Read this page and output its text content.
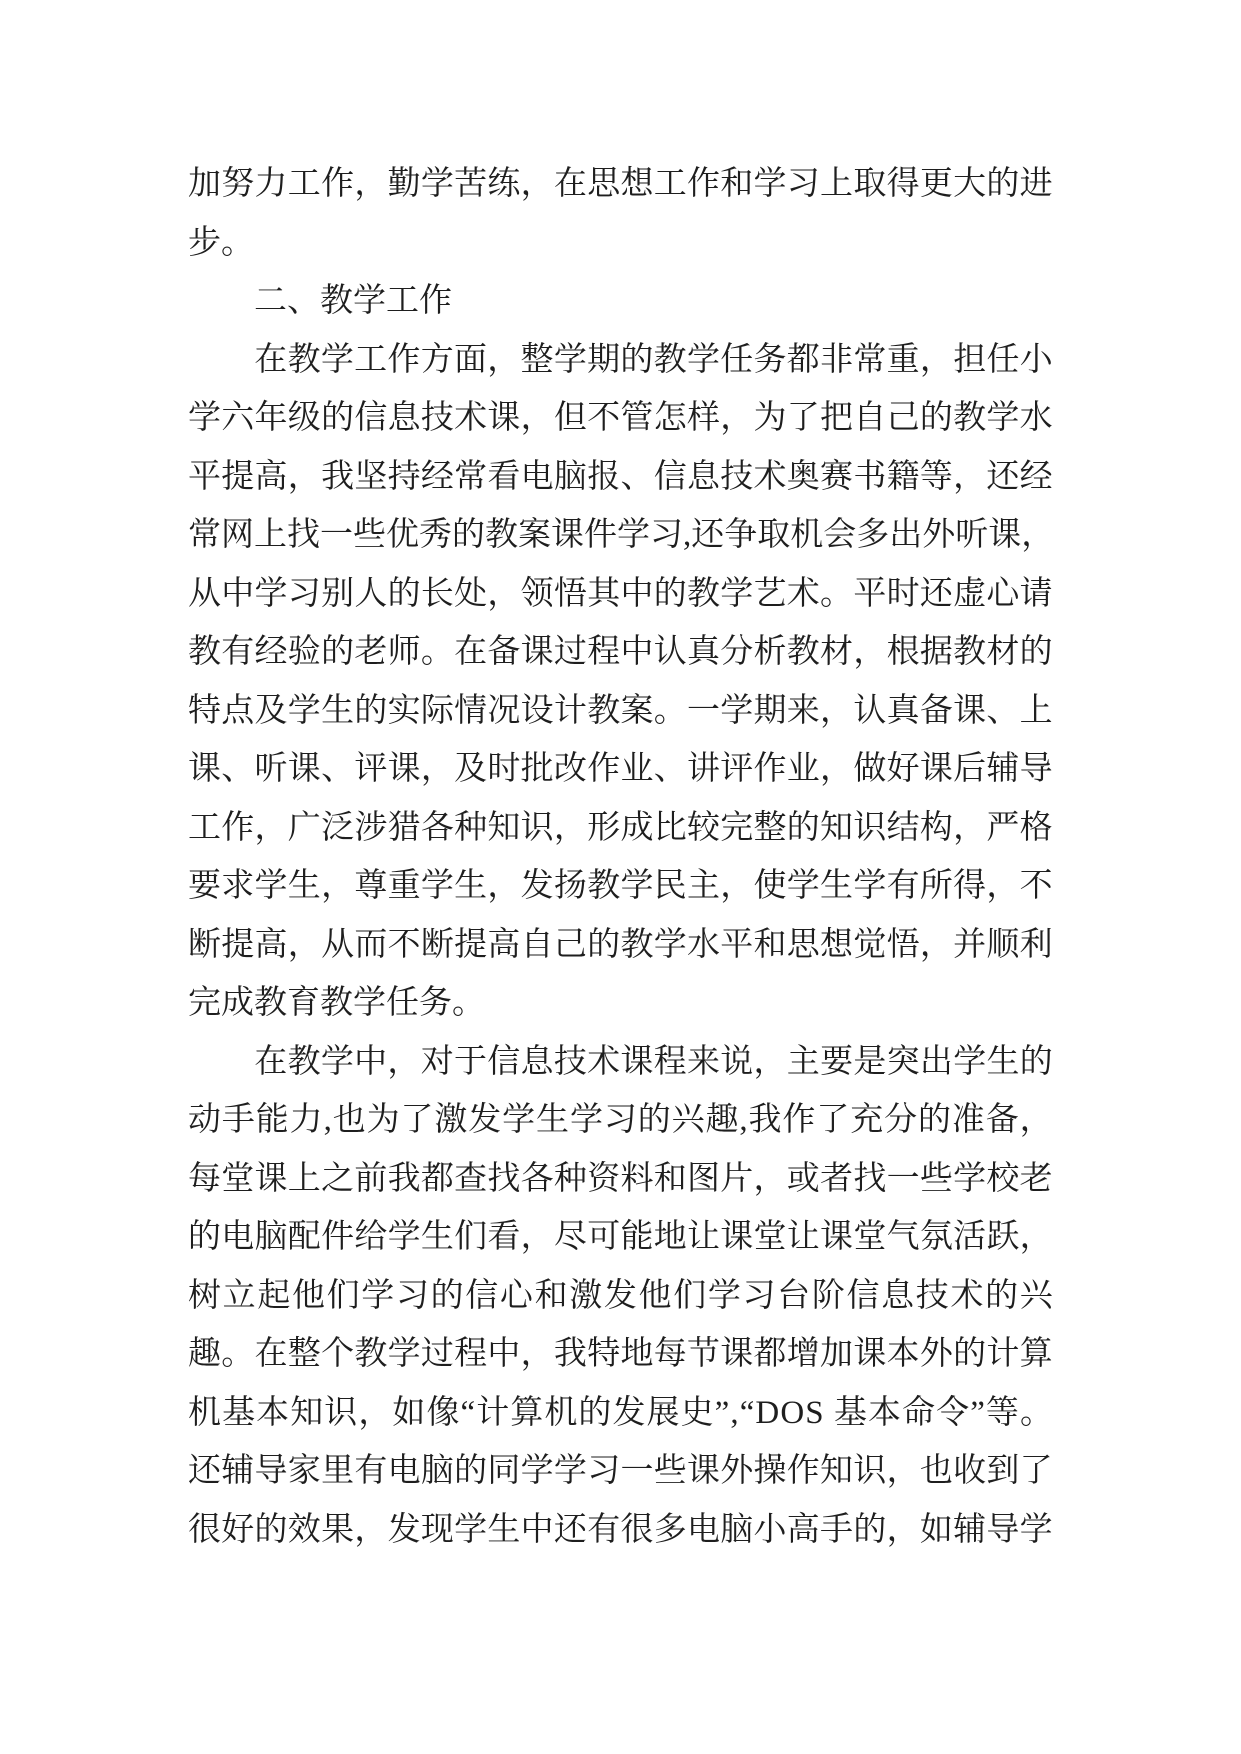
加 努 力 工 作 ， 勤 学 苦 练 ， 在 思 想 工 作 和 学 习 上 取 得 更 大 的 进
步。
二、教学工作
在 教 学 工 作 方 面 ， 整 学 期 的 教 学 任 务 都 非 常 重 ， 担 任 小
学 六 年 级 的 信 息 技 术 课 ， 但 不 管 怎 样 ， 为 了 把 自 己 的 教 学 水
平 提 高 ， 我 坚 持 经 常 看 电 脑 报 、 信 息 技 术 奥 赛 书 籍 等 ， 还 经
常 网 上 找 一 些 优 秀 的 教 案 课 件 学 习 , 还 争 取 机 会 多 出 外 听 课 ，
从 中 学 习 别 人 的 长 处 ， 领 悟 其 中 的 教 学 艺 术 。 平 时 还 虚 心 请
教 有 经 验 的 老 师 。 在 备 课 过 程 中 认 真 分 析 教 材 ， 根 据 教 材 的
特 点 及 学 生 的 实 际 情 况 设 计 教 案 。 一 学 期 来 ， 认 真 备 课 、 上
课 、 听 课 、 评 课 ， 及 时 批 改 作 业 、 讲 评 作 业 ， 做 好 课 后 辅 导
工 作 ， 广 泛 涉 猎 各 种 知 识 ， 形 成 比 较 完 整 的 知 识 结 构 ， 严 格
要 求 学 生 ， 尊 重 学 生 ， 发 扬 教 学 民 主 ， 使 学 生 学 有 所 得 ， 不
断 提 高 ， 从 而 不 断 提 高 自 己 的 教 学 水 平 和 思 想 觉 悟 ， 并 顺 利
完成教育教学任务。
在 教 学 中 ， 对 于 信 息 技 术 课 程 来 说 ， 主 要 是 突 出 学 生 的
动 手 能 力 , 也 为 了 激 发 学 生 学 习 的 兴 趣 , 我 作 了 充 分 的 准 备 ，
每 堂 课 上 之 前 我 都 查 找 各 种 资 料 和 图 片 ， 或 者 找 一 些 学 校 老
的 电 脑 配 件 给 学 生 们 看 ， 尽 可 能 地 让 课 堂 让 课 堂 气 氛 活 跃 ，
树 立 起 他 们 学 习 的 信 心 和 激 发 他 们 学 习 台 阶 信 息 技 术 的 兴
趣 。 在 整 个 教 学 过 程 中 ， 我 特 地 每 节 课 都 增 加 课 本 外 的 计 算
机 基 本 知 识 ， 如 像 “ 计 算 机 的 发 展 史 ” , “ D O S
基 本 命 令 ” 等 。
还 辅 导 家 里 有 电 脑 的 同 学 学 习 一 些 课 外 操 作 知 识 ， 也 收 到 了
很 好 的 效 果 ， 发 现 学 生 中 还 有 很 多 电 脑 小 高 手 的 ， 如 辅 导 学
